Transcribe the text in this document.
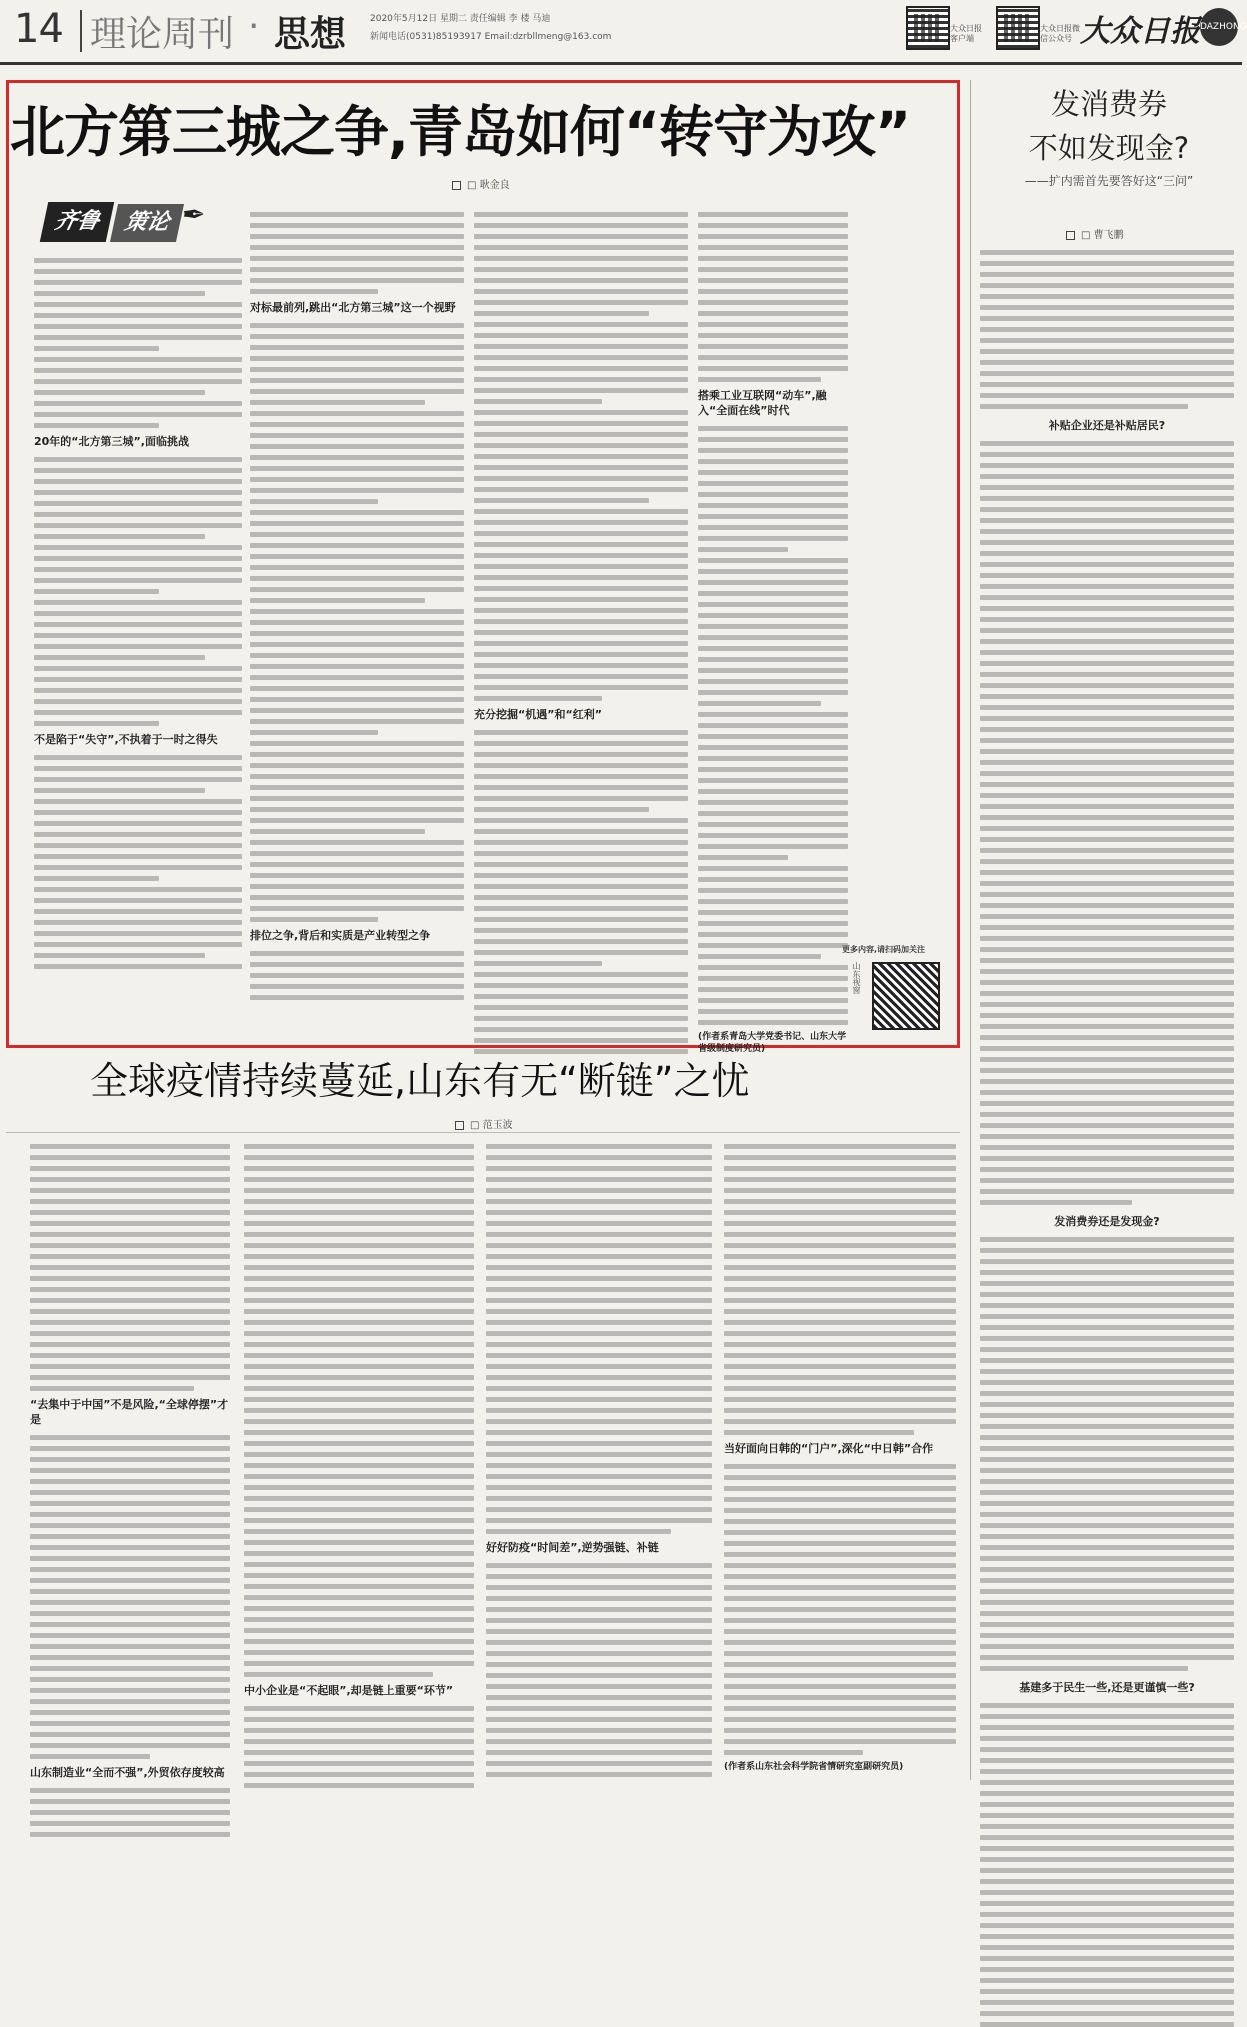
14 理论周刊 · 思想	2020年5月12日 星期二 责任编辑 李 楼 马迪
新闻电话(0531)85193917 Email:dzrbllmeng@163.com
大众日报客户端
大众日报微信公众号 大众日报 DAZHONG
北方第三城之争,青岛如何“转守为攻”
□ 耿金良
齐鲁 策论 ✒
20年的“北方第三城”,面临挑战
不是陷于“失守”,不执着于一时之得失
对标最前列,跳出“北方第三城”这一个视野
排位之争,背后和实质是产业转型之争
充分挖掘“机遇”和“红利”
搭乘工业互联网“动车”,融入“全面在线”时代
(作者系青岛大学党委书记、山东大学省级制度研究员)
更多内容,请扫码加关注
山东视窗
发消费券
不如发现金?
——扩内需首先要答好这“三问”
□ 曹飞鹏
补贴企业还是补贴居民?
发消费券还是发现金?
基建多于民生一些,还是更谨慎一些?
全球疫情持续蔓延,山东有无“断链”之忧
□ 范玉波
“去集中于中国”不是风险,“全球停摆”才是
山东制造业“全而不强”,外贸依存度较高
中小企业是“不起眼”,却是链上重要“环节”
好好防疫“时间差”,逆势强链、补链
当好面向日韩的“门户”,深化“中日韩”合作
(作者系山东社会科学院省情研究室副研究员)
